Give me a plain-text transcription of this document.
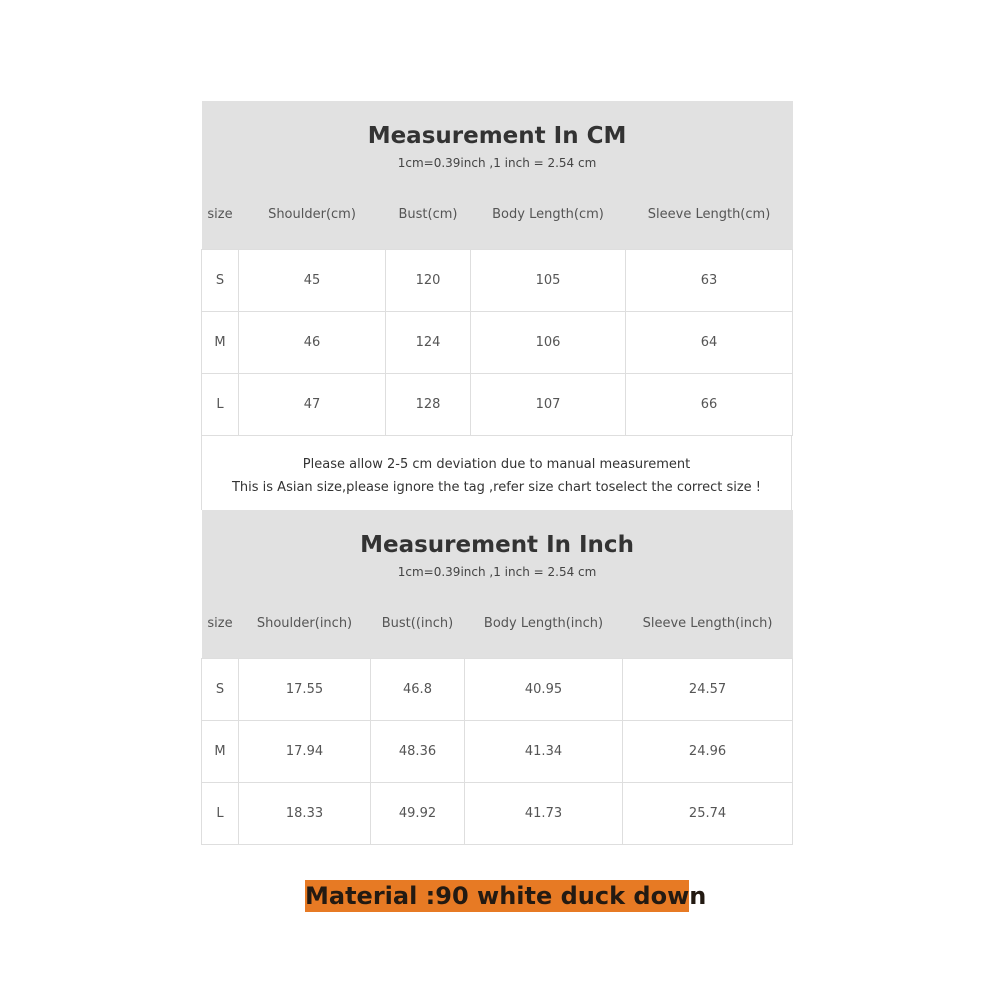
Measurement In CM
1cm=0.39inch ,1 inch = 2.54 cm				

size	Shoulder(cm)	Bust(cm)	Body Length(cm)	Sleeve Length(cm)
S	45	120	105	63
M	46	124	106	64
L	47	128	107	66
Please allow 2-5 cm deviation due to manual measurement
This is Asian size,please ignore the tag ,refer size chart toselect the correct size !
Measurement In Inch
1cm=0.39inch ,1 inch = 2.54 cm				

size	Shoulder(inch)	Bust((inch)	Body Length(inch)	Sleeve Length(inch)
S	17.55	46.8	40.95	24.57
M	17.94	48.36	41.34	24.96
L	18.33	49.92	41.73	25.74
Material :90 white duck down
